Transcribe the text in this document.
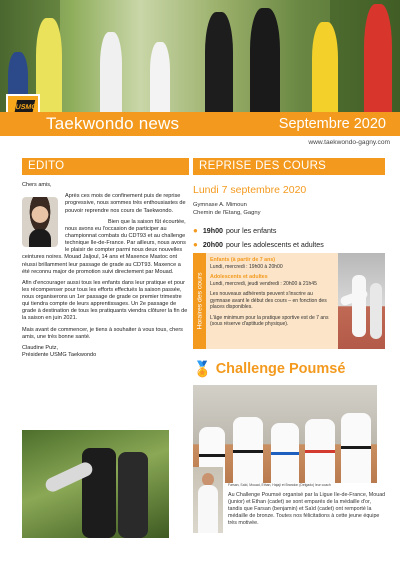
USMG
Taekwondo news	Septembre 2020
www.taekwondo-gagny.com
EDITO

Chers amis,

Après ces mois de confinement puis de reprise progressive, nous sommes très enthousiastes de pouvoir reprendre nos cours de Taekwondo.

Bien que la saison fût écourtée, nous avons eu l'occasion de participer au championnat combats du CDT93 et au challenge technique Ile-de-France. Par ailleurs, nous avons le plaisir de compter parmi nous deux nouvelles ceintures noires. Mouad Jaljoul, 14 ans et Maxence Mastoc ont réussi brillamment leur passage de grade au CDT93. Maxence a été reconnu major de promotion suivi directement par Mouad.

Afin d'encourager aussi tous les enfants dans leur pratique et pour les récompenser pour tous les efforts effectués la saison passée, nous organiserons un 1er passage de grade ce premier trimestre qui tiendra compte de leurs apprentissages. Un 2e passage de grade à destination de tous les pratiquants viendra clôturer la fin de la saison en juin 2021.

Mais avant de commencer, je tiens à souhaiter à vous tous, chers amis, une très bonne santé.

Claudine Putz,
Présidente USMG Taekwondo

REPRISE DES COURS
Lundi 7 septembre 2020
Gymnase A. Mimoun
Chemin de l'Etang, Gagny
● 19h00 pour les enfants
● 20h00 pour les adolescents et adultes
Horaires des cours

Enfants (à partir de 7 ans)
Lundi, mercredi : 19h00 à 20h00

Adolescents et adultes
Lundi, mercredi, jeudi vendredi : 20h00 à 21h45

Les nouveaux adhérents peuvent s'inscrire au gymnase avant le début des cours – en fonction des places disponibles.

L'âge minimum pour la pratique sportive est de 7 ans (sous réserve d'aptitude physique).

🏅 Challenge Poumsé
Farsan, Saïd, Mouad, Ethan, Hajaji et Brandon (Delgado) leur coach
Au Challenge Poumsé organisé par la Ligue Ile-de-France, Mouad (junior) et Ethan (cadet) se sont emparés de la médaille d'or, tandis que Farsan (benjamin) et Saïd (cadet) ont remporté la médaille de bronze. Toutes nos félicitations à cette jeune équipe très motivée.
